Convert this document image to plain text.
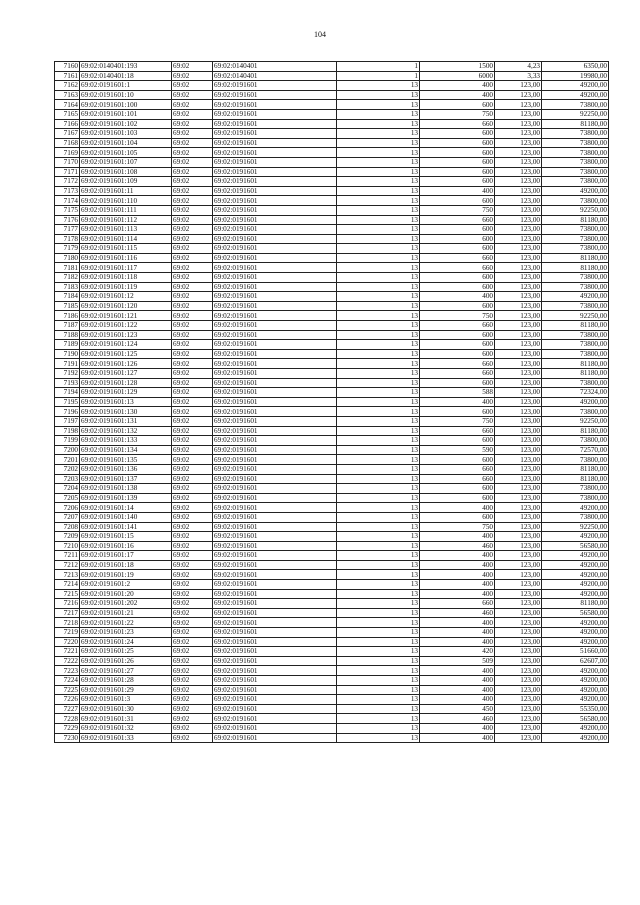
104
7160	69:02:0140401:193	69:02	69:02:0140401	1	1500	4,23	6350,00
7161	69:02:0140401:18	69:02	69:02:0140401	1	6000	3,33	19980,00
7162	69:02:0191601:1	69:02	69:02:0191601	13	400	123,00	49200,00
7163	69:02:0191601:10	69:02	69:02:0191601	13	400	123,00	49200,00
7164	69:02:0191601:100	69:02	69:02:0191601	13	600	123,00	73800,00
7165	69:02:0191601:101	69:02	69:02:0191601	13	750	123,00	92250,00
7166	69:02:0191601:102	69:02	69:02:0191601	13	660	123,00	81180,00
7167	69:02:0191601:103	69:02	69:02:0191601	13	600	123,00	73800,00
7168	69:02:0191601:104	69:02	69:02:0191601	13	600	123,00	73800,00
7169	69:02:0191601:105	69:02	69:02:0191601	13	600	123,00	73800,00
7170	69:02:0191601:107	69:02	69:02:0191601	13	600	123,00	73800,00
7171	69:02:0191601:108	69:02	69:02:0191601	13	600	123,00	73800,00
7172	69:02:0191601:109	69:02	69:02:0191601	13	600	123,00	73800,00
7173	69:02:0191601:11	69:02	69:02:0191601	13	400	123,00	49200,00
7174	69:02:0191601:110	69:02	69:02:0191601	13	600	123,00	73800,00
7175	69:02:0191601:111	69:02	69:02:0191601	13	750	123,00	92250,00
7176	69:02:0191601:112	69:02	69:02:0191601	13	660	123,00	81180,00
7177	69:02:0191601:113	69:02	69:02:0191601	13	600	123,00	73800,00
7178	69:02:0191601:114	69:02	69:02:0191601	13	600	123,00	73800,00
7179	69:02:0191601:115	69:02	69:02:0191601	13	600	123,00	73800,00
7180	69:02:0191601:116	69:02	69:02:0191601	13	660	123,00	81180,00
7181	69:02:0191601:117	69:02	69:02:0191601	13	660	123,00	81180,00
7182	69:02:0191601:118	69:02	69:02:0191601	13	600	123,00	73800,00
7183	69:02:0191601:119	69:02	69:02:0191601	13	600	123,00	73800,00
7184	69:02:0191601:12	69:02	69:02:0191601	13	400	123,00	49200,00
7185	69:02:0191601:120	69:02	69:02:0191601	13	600	123,00	73800,00
7186	69:02:0191601:121	69:02	69:02:0191601	13	750	123,00	92250,00
7187	69:02:0191601:122	69:02	69:02:0191601	13	660	123,00	81180,00
7188	69:02:0191601:123	69:02	69:02:0191601	13	600	123,00	73800,00
7189	69:02:0191601:124	69:02	69:02:0191601	13	600	123,00	73800,00
7190	69:02:0191601:125	69:02	69:02:0191601	13	600	123,00	73800,00
7191	69:02:0191601:126	69:02	69:02:0191601	13	660	123,00	81180,00
7192	69:02:0191601:127	69:02	69:02:0191601	13	660	123,00	81180,00
7193	69:02:0191601:128	69:02	69:02:0191601	13	600	123,00	73800,00
7194	69:02:0191601:129	69:02	69:02:0191601	13	588	123,00	72324,00
7195	69:02:0191601:13	69:02	69:02:0191601	13	400	123,00	49200,00
7196	69:02:0191601:130	69:02	69:02:0191601	13	600	123,00	73800,00
7197	69:02:0191601:131	69:02	69:02:0191601	13	750	123,00	92250,00
7198	69:02:0191601:132	69:02	69:02:0191601	13	660	123,00	81180,00
7199	69:02:0191601:133	69:02	69:02:0191601	13	600	123,00	73800,00
7200	69:02:0191601:134	69:02	69:02:0191601	13	590	123,00	72570,00
7201	69:02:0191601:135	69:02	69:02:0191601	13	600	123,00	73800,00
7202	69:02:0191601:136	69:02	69:02:0191601	13	660	123,00	81180,00
7203	69:02:0191601:137	69:02	69:02:0191601	13	660	123,00	81180,00
7204	69:02:0191601:138	69:02	69:02:0191601	13	600	123,00	73800,00
7205	69:02:0191601:139	69:02	69:02:0191601	13	600	123,00	73800,00
7206	69:02:0191601:14	69:02	69:02:0191601	13	400	123,00	49200,00
7207	69:02:0191601:140	69:02	69:02:0191601	13	600	123,00	73800,00
7208	69:02:0191601:141	69:02	69:02:0191601	13	750	123,00	92250,00
7209	69:02:0191601:15	69:02	69:02:0191601	13	400	123,00	49200,00
7210	69:02:0191601:16	69:02	69:02:0191601	13	460	123,00	56580,00
7211	69:02:0191601:17	69:02	69:02:0191601	13	400	123,00	49200,00
7212	69:02:0191601:18	69:02	69:02:0191601	13	400	123,00	49200,00
7213	69:02:0191601:19	69:02	69:02:0191601	13	400	123,00	49200,00
7214	69:02:0191601:2	69:02	69:02:0191601	13	400	123,00	49200,00
7215	69:02:0191601:20	69:02	69:02:0191601	13	400	123,00	49200,00
7216	69:02:0191601:202	69:02	69:02:0191601	13	660	123,00	81180,00
7217	69:02:0191601:21	69:02	69:02:0191601	13	460	123,00	56580,00
7218	69:02:0191601:22	69:02	69:02:0191601	13	400	123,00	49200,00
7219	69:02:0191601:23	69:02	69:02:0191601	13	400	123,00	49200,00
7220	69:02:0191601:24	69:02	69:02:0191601	13	400	123,00	49200,00
7221	69:02:0191601:25	69:02	69:02:0191601	13	420	123,00	51660,00
7222	69:02:0191601:26	69:02	69:02:0191601	13	509	123,00	62607,00
7223	69:02:0191601:27	69:02	69:02:0191601	13	400	123,00	49200,00
7224	69:02:0191601:28	69:02	69:02:0191601	13	400	123,00	49200,00
7225	69:02:0191601:29	69:02	69:02:0191601	13	400	123,00	49200,00
7226	69:02:0191601:3	69:02	69:02:0191601	13	400	123,00	49200,00
7227	69:02:0191601:30	69:02	69:02:0191601	13	450	123,00	55350,00
7228	69:02:0191601:31	69:02	69:02:0191601	13	460	123,00	56580,00
7229	69:02:0191601:32	69:02	69:02:0191601	13	400	123,00	49200,00
7230	69:02:0191601:33	69:02	69:02:0191601	13	400	123,00	49200,00
